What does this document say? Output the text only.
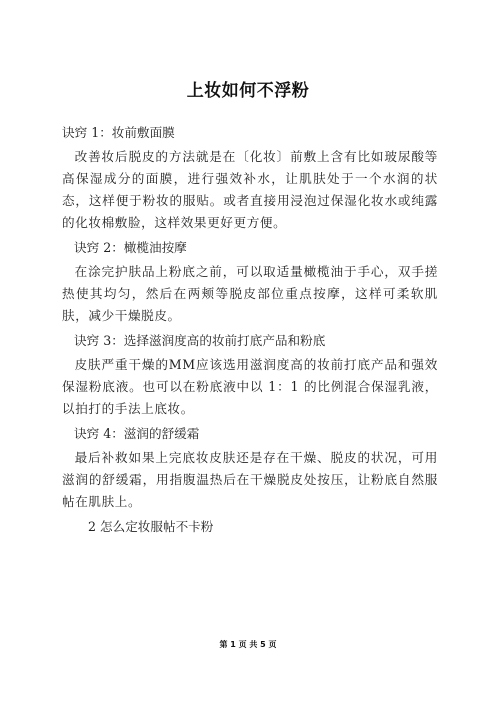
上妆如何不浮粉
诀窍 1：妆前敷面膜
改善妆后脱皮的方法就是在〔化妆〕前敷上含有比如玻尿酸等高保湿成分的面膜，进行强效补水，让肌肤处于一个水润的状态，这样便于粉妆的服贴。或者直接用浸泡过保湿化妆水或纯露的化妆棉敷脸，这样效果更好更方便。
诀窍 2：橄榄油按摩
在涂完护肤品上粉底之前，可以取适量橄榄油于手心，双手搓热使其均匀，然后在两颊等脱皮部位重点按摩，这样可柔软肌肤，减少干燥脱皮。
诀窍 3：选择滋润度高的妆前打底产品和粉底
皮肤严重干燥的MM应该选用滋润度高的妆前打底产品和强效保湿粉底液。也可以在粉底液中以 1：1 的比例混合保湿乳液，以拍打的手法上底妆。
诀窍 4：滋润的舒缓霜
最后补救如果上完底妆皮肤还是存在干燥、脱皮的状况，可用滋润的舒缓霜，用指腹温热后在干燥脱皮处按压，让粉底自然服帖在肌肤上。
2 怎么定妆服帖不卡粉
第 1 页 共 5 页
